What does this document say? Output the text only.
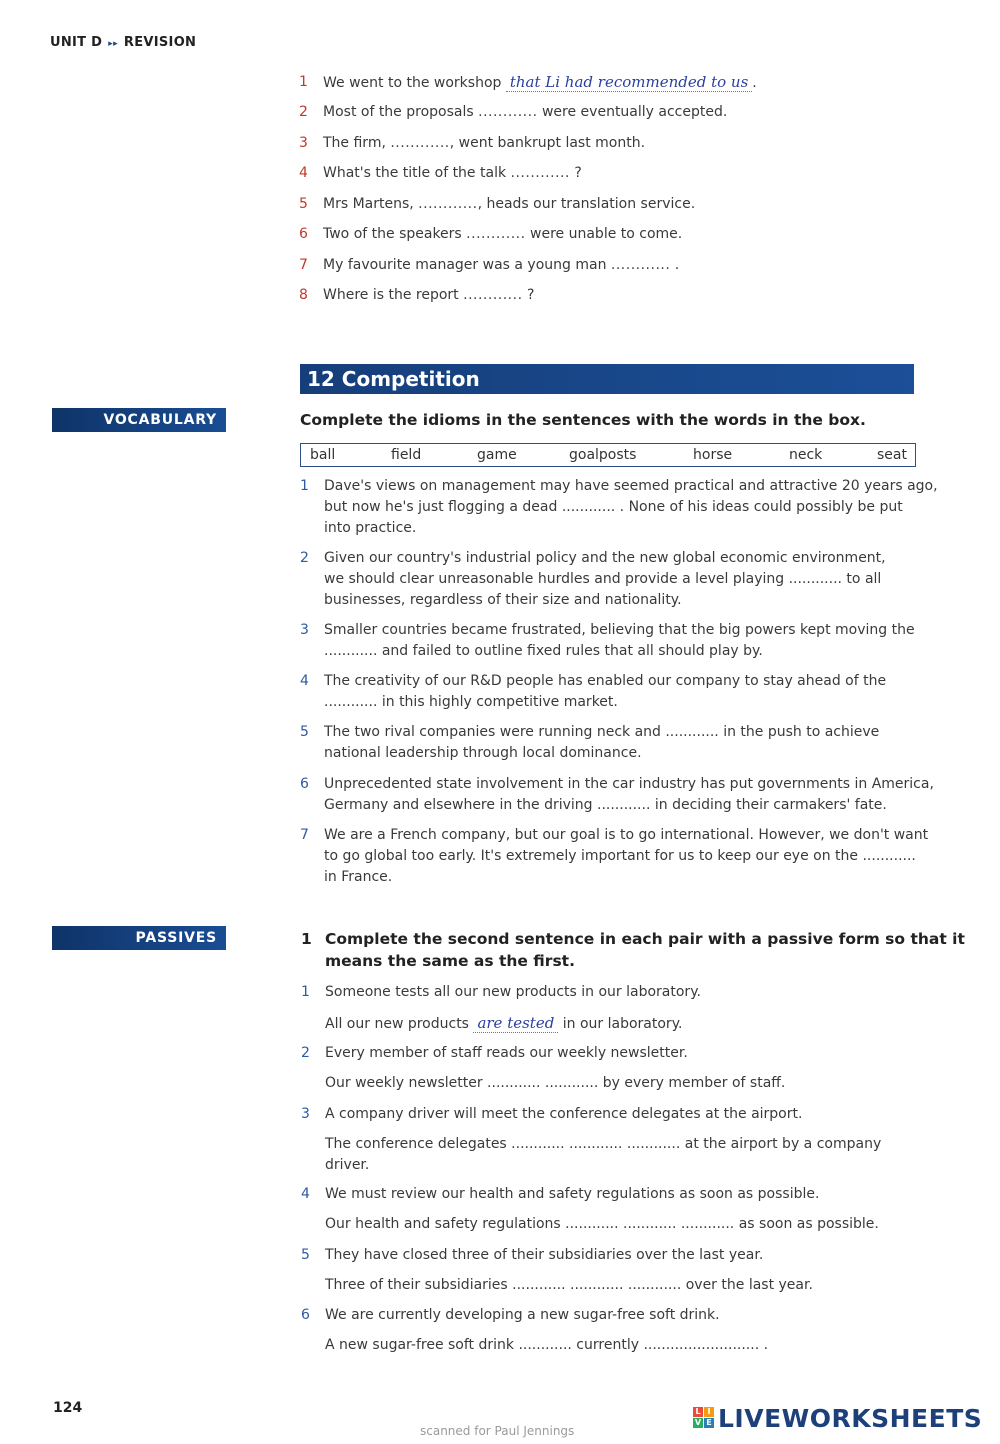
UNIT D ▸▸ REVISION
1 We went to the workshop that Li had recommended to us .
2 Most of the proposals ............ were eventually accepted.
3 The firm, ............, went bankrupt last month.
4 What's the title of the talk ............ ?
5 Mrs Martens, ............, heads our translation service.
6 Two of the speakers ............ were unable to come.
7 My favourite manager was a young man ............ .
8 Where is the report ............ ?
12 Competition
VOCABULARY	Complete the idioms in the sentences with the words in the box.
ball	field	game	goalposts	horse	neck	seat
1 Dave's views on management may have seemed practical and attractive 20 years ago,
but now he's just flogging a dead ............ . None of his ideas could possibly be put
into practice.
2 Given our country's industrial policy and the new global economic environment,
we should clear unreasonable hurdles and provide a level playing ............ to all
businesses, regardless of their size and nationality.
3 Smaller countries became frustrated, believing that the big powers kept moving the
............ and failed to outline fixed rules that all should play by.
4 The creativity of our R&D people has enabled our company to stay ahead of the
............ in this highly competitive market.
5 The two rival companies were running neck and ............ in the push to achieve
national leadership through local dominance.
6 Unprecedented state involvement in the car industry has put governments in America,
Germany and elsewhere in the driving ............ in deciding their carmakers' fate.
7 We are a French company, but our goal is to go international. However, we don't want
to go global too early. It's extremely important for us to keep our eye on the ............
in France.
PASSIVES	1 Complete the second sentence in each pair with a passive form so that it
means the same as the first.
1 Someone tests all our new products in our laboratory.
All our new products are tested in our laboratory.
2 Every member of staff reads our weekly newsletter.
Our weekly newsletter ............ ............ by every member of staff.
3 A company driver will meet the conference delegates at the airport.
The conference delegates ............ ............ ............ at the airport by a company
driver.
4 We must review our health and safety regulations as soon as possible.
Our health and safety regulations ............ ............ ............ as soon as possible.
5 They have closed three of their subsidiaries over the last year.
Three of their subsidiaries ............ ............ ............ over the last year.
6 We are currently developing a new sugar-free soft drink.
A new sugar-free soft drink ............ currently .......................... .
124
scanned for Paul Jennings
L I
V E LIVEWORKSHEETS
